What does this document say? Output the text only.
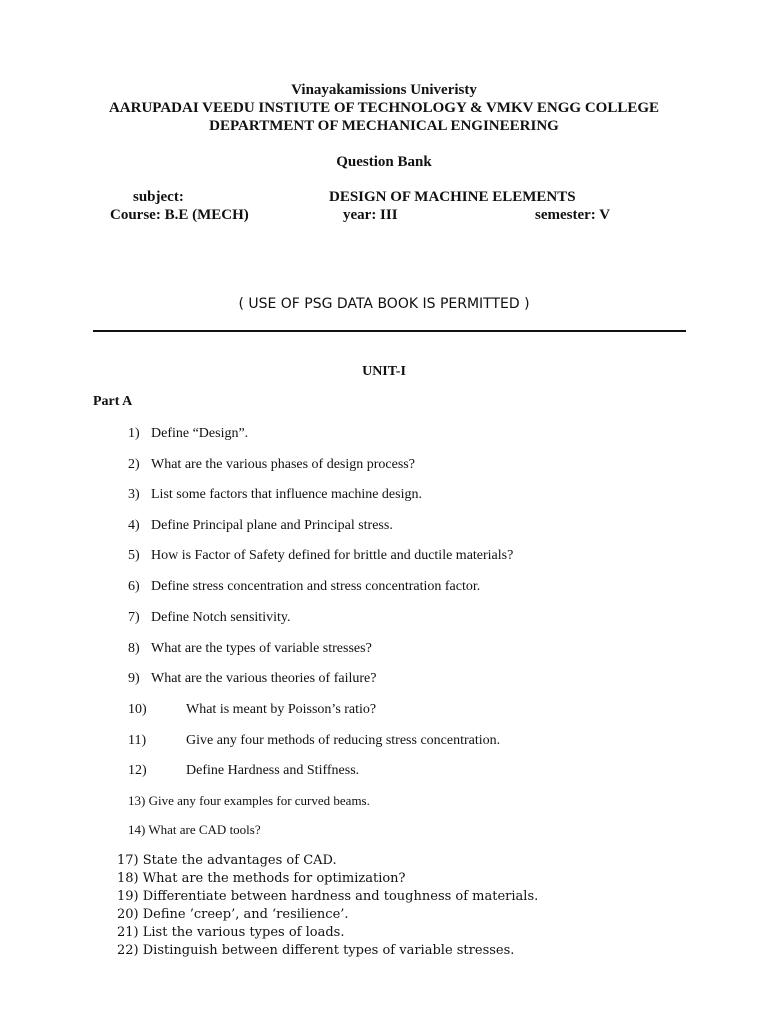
Vinayakamissions Univeristy
AARUPADAI VEEDU INSTIUTE OF TECHNOLOGY & VMKV ENGG COLLEGE
DEPARTMENT OF MECHANICAL ENGINEERING
Question Bank
subject:	DESIGN OF MACHINE ELEMENTS
Course: B.E (MECH)	year: III	semester: V
( USE OF PSG DATA BOOK IS PERMITTED )
UNIT-I
Part A
1) Define “Design”.
2) What are the various phases of design process?
3) List some factors that influence machine design.
4) Define Principal plane and Principal stress.
5) How is Factor of Safety defined for brittle and ductile materials?
6) Define stress concentration and stress concentration factor.
7) Define Notch sensitivity.
8) What are the types of variable stresses?
9) What are the various theories of failure?
10)	What is meant by Poisson’s ratio?
11)	Give any four methods of reducing stress concentration.
12)	Define Hardness and Stiffness.
13) Give any four examples for curved beams.
14) What are CAD tools?
17) State the advantages of CAD.
18) What are the methods for optimization?
19) Differentiate between hardness and toughness of materials.
20) Define ’creep’, and ‘resilience’.
21) List the various types of loads.
22) Distinguish between different types of variable stresses.
